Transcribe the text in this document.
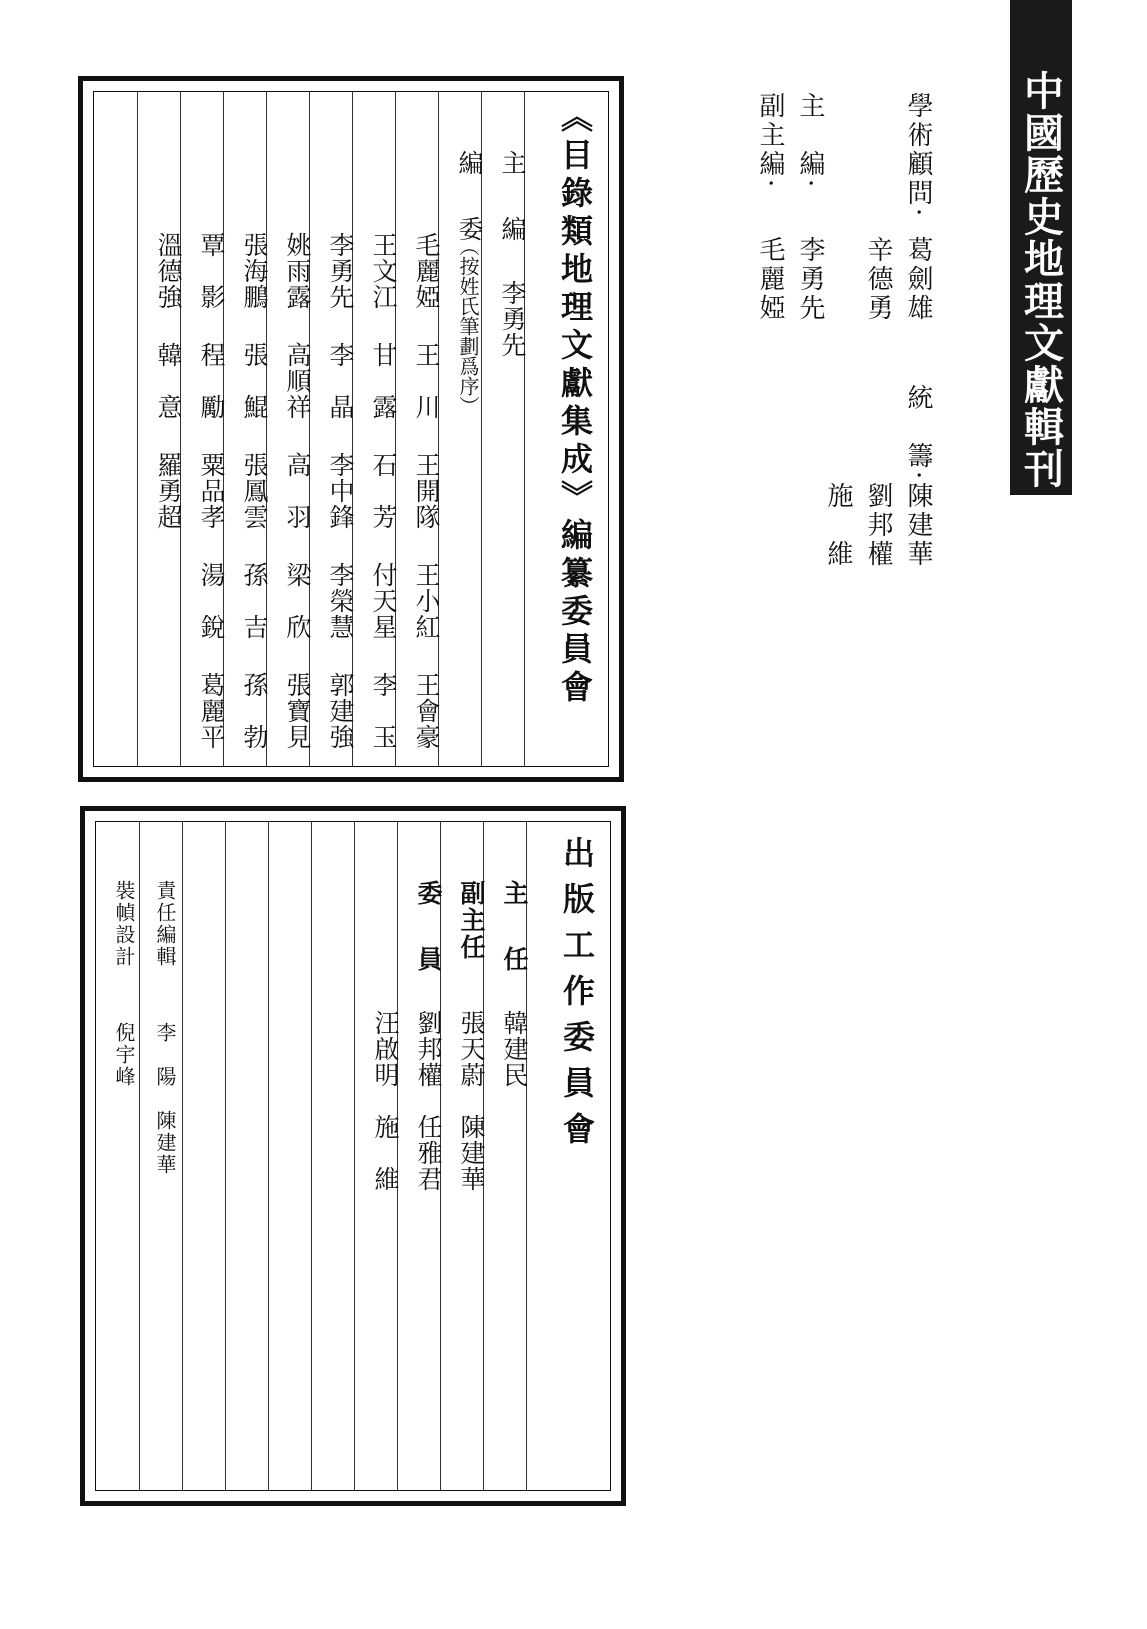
中國歷史地理文獻輯刊
學術顧問·
葛劍雄
辛德勇
統　籌·
陳建華
劉邦權
施　維
主　編·
李勇先
副主編·
毛麗婭
《目錄類地理文獻集成》編纂委員會
主　編
李勇先
編　委
（按姓氏筆劃爲序）
毛麗婭
王　川
王開隊
王小紅
王會豪
王文江
甘　露
石　芳
付天星
李　玉
李勇先
李　晶
李中鋒
李榮慧
郭建強
姚雨露
高順祥
高　羽
梁　欣
張寶見
張海鵬
張　鯤
張鳳雲
孫　吉
孫　勃
覃　影
程　勵
粟品孝
湯　銳
葛麗平
溫德強
韓　意
羅勇超
出版工作委員會
主　任
韓建民
副主任
張天蔚　陳建華
委　員
劉邦權　任雅君
汪啟明　施　維
責任編輯
李　陽　陳建華
裝幀設計
倪宇峰
